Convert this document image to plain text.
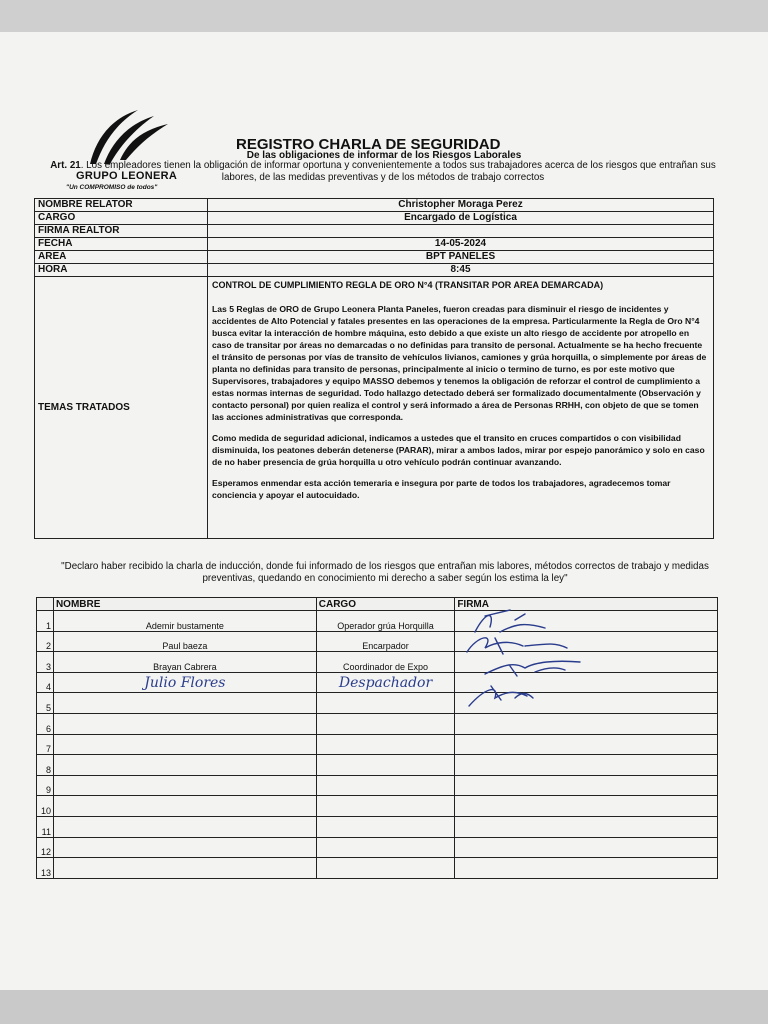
GRUPO LEONERA
"Un COMPROMISO de todos"
REGISTRO CHARLA DE SEGURIDAD
De las obligaciones de informar de los Riesgos Laborales
Art. 21. Los empleadores tienen la obligación de informar oportuna y convenientemente a todos sus trabajadores acerca de los riesgos que entrañan sus labores, de las medidas preventivas y de los métodos de trabajo correctos
NOMBRE RELATOR	Christopher Moraga Perez
CARGO	Encargado de Logística
FIRMA REALTOR	
FECHA	14-05-2024
AREA	BPT PANELES
HORA	8:45
TEMAS TRATADOS	CONTROL DE CUMPLIMIENTO REGLA DE ORO N°4 (TRANSITAR POR AREA DEMARCADA)

Las 5 Reglas de ORO de Grupo Leonera Planta Paneles, fueron creadas para disminuir el riesgo de incidentes y accidentes de Alto Potencial y fatales presentes en las operaciones de la empresa. Particularmente la Regla de Oro N°4 busca evitar la interacción de hombre máquina, esto debido a que existe un alto riesgo de accidente por atropello en caso de transitar por áreas no demarcadas o no definidas para transito de personal. Actualmente se ha hecho frecuente el tránsito de personas por vías de transito de vehículos livianos, camiones y grúa horquilla, o simplemente por áreas de planta no definidas para transito de personas, principalmente al inicio o termino de turno, es por este motivo que Supervisores, trabajadores y equipo MASSO debemos y tenemos la obligación de reforzar el control de cumplimiento a estas normas internas de seguridad. Todo hallazgo detectado deberá ser formalizado documentalmente (Observación y contacto personal) por quien realiza el control y será informado a área de Personas RRHH, con objeto de que se tomen las acciones administrativas que corresponda.

Como medida de seguridad adicional, indicamos a ustedes que el transito en cruces compartidos o con visibilidad disminuida, los peatones deberán detenerse (PARAR), mirar a ambos lados, mirar por espejo panorámico y solo en caso de no haber presencia de grúa horquilla u otro vehículo podrán continuar avanzando.

Esperamos enmendar esta acción temeraria e insegura por parte de todos los trabajadores, agradecemos tomar conciencia y apoyar el autocuidado.

"Declaro haber recibido la charla de inducción, donde fui informado de los riesgos que entrañan mis labores, métodos correctos de trabajo y medidas preventivas, quedando en conocimiento mi derecho a saber según los estima la ley"
	NOMBRE	CARGO	FIRMA
1	Ademir bustamente	Operador grúa Horquilla	
2	Paul baeza	Encarpador	
3	Brayan Cabrera	Coordinador de Expo	
4	Julio Flores	Despachador	
5			
6			
7			
8			
9			
10			
11			
12			
13			
